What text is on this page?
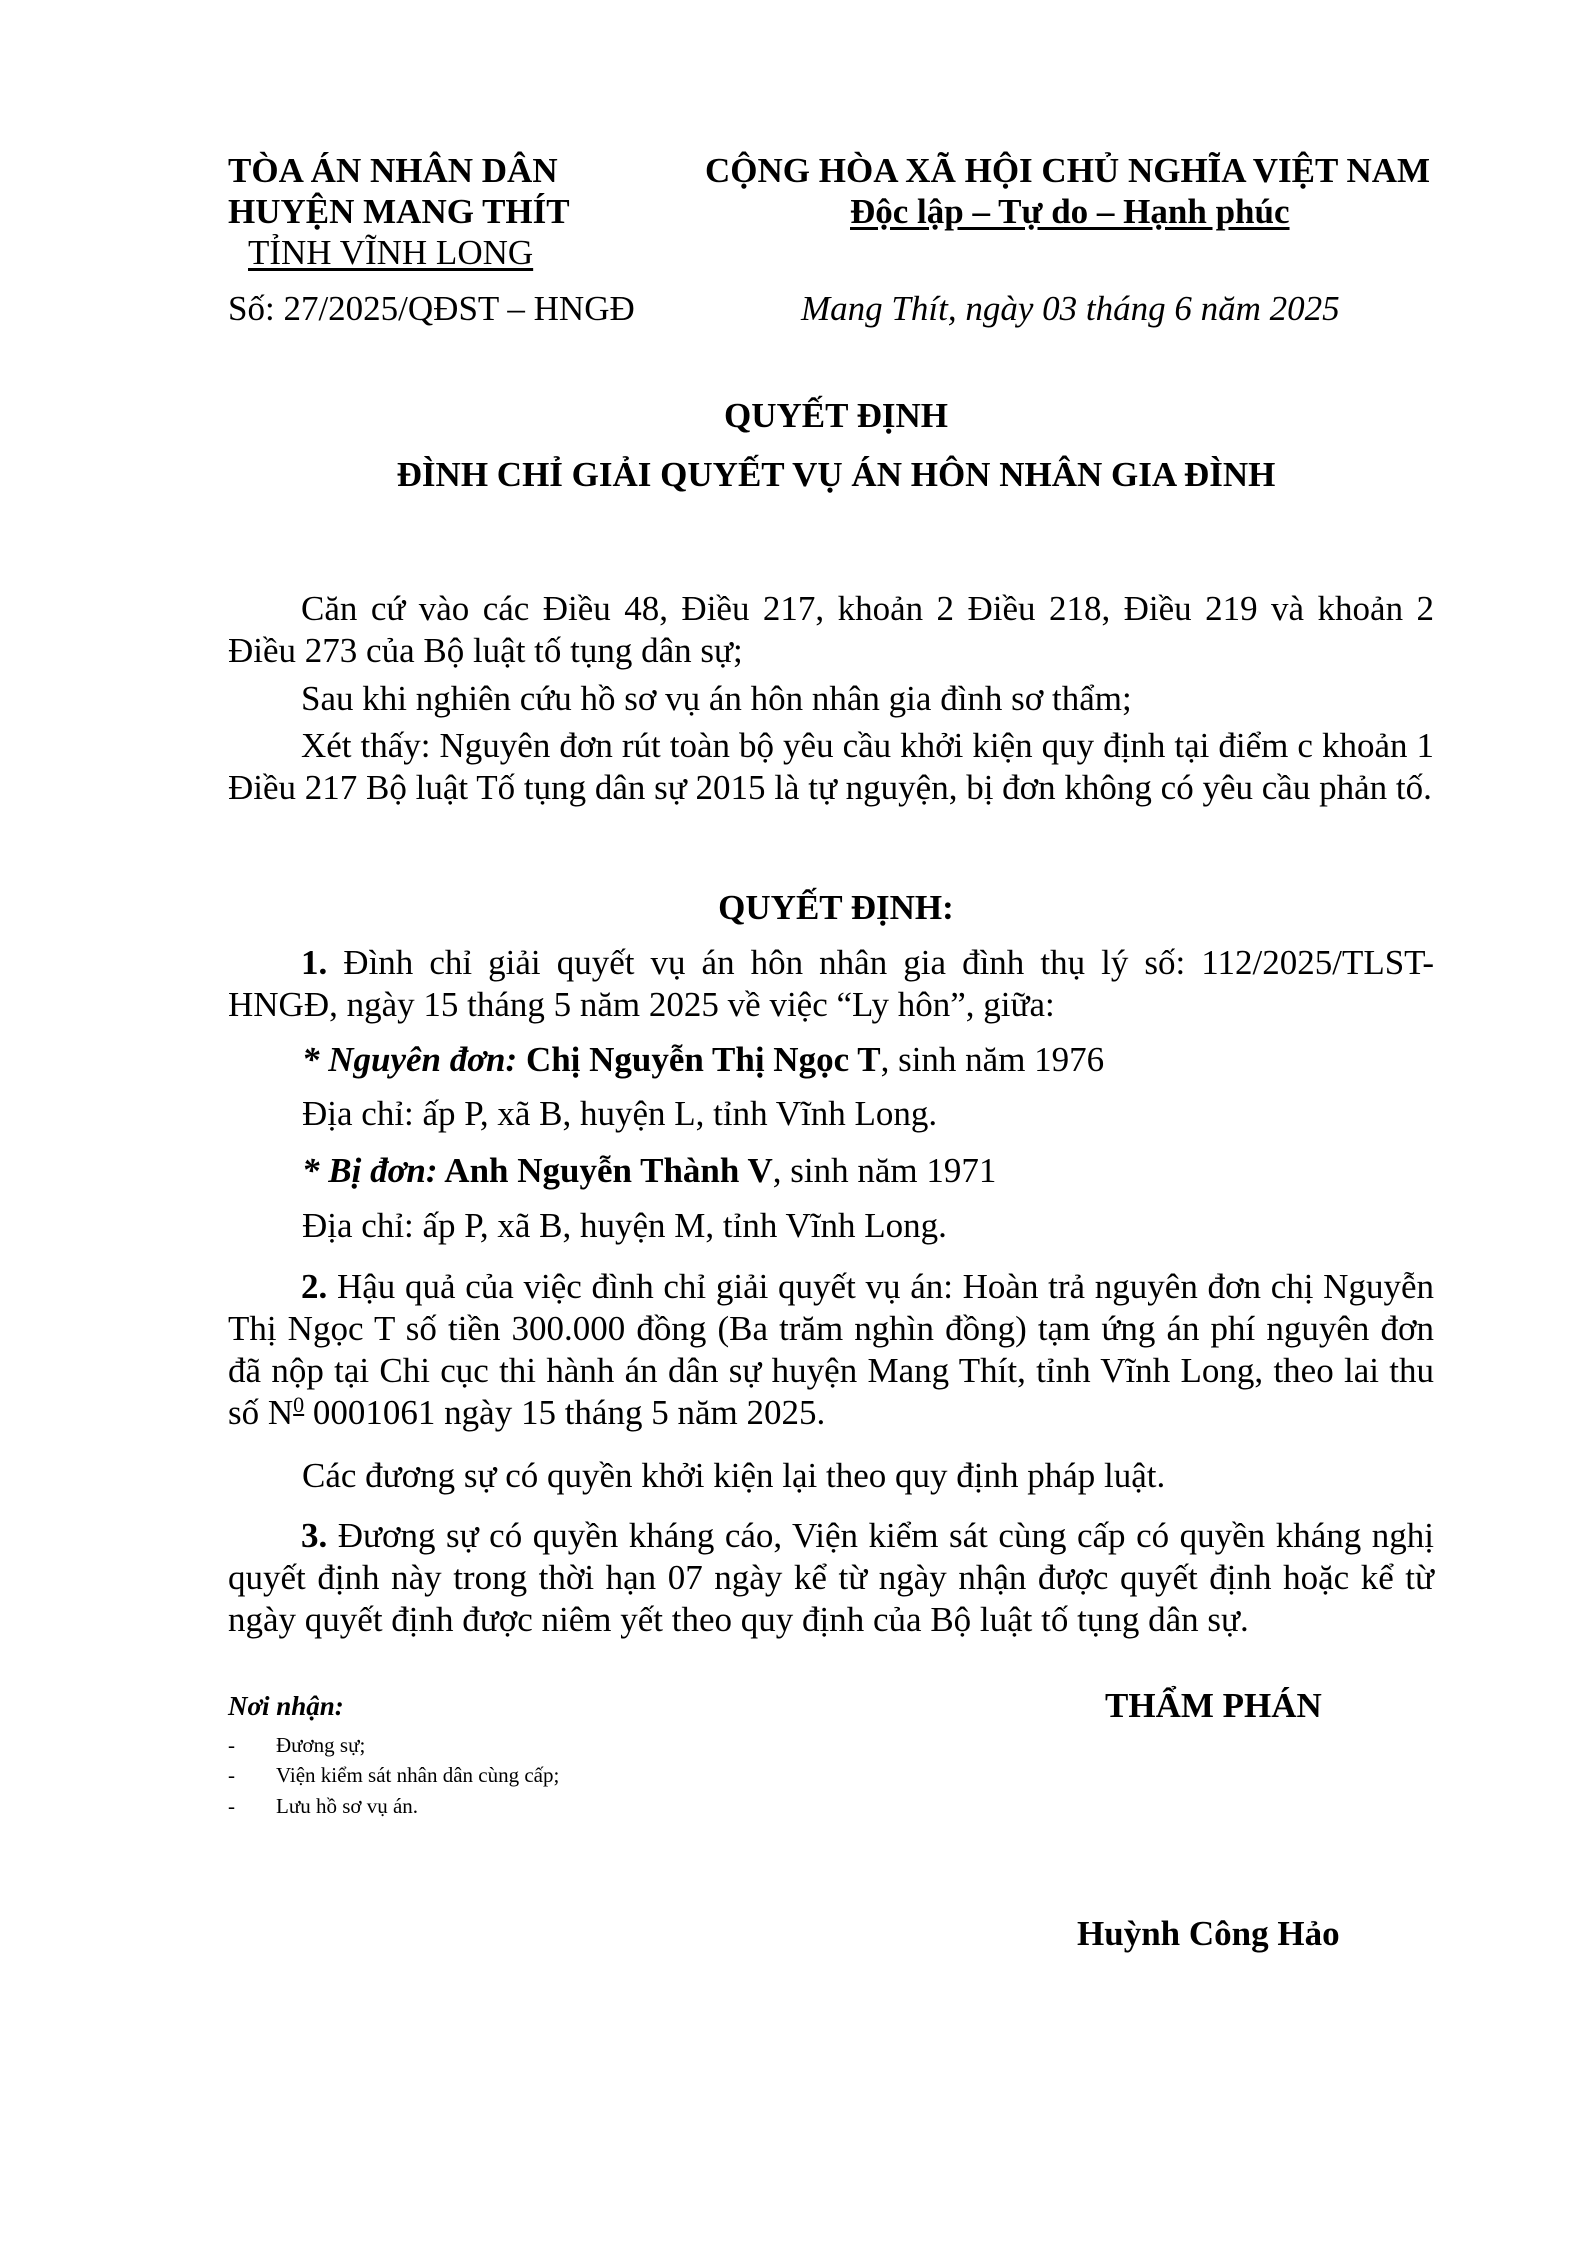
TÒA ÁN NHÂN DÂN
HUYỆN MANG THÍT
TỈNH VĨNH LONG
CỘNG HÒA XÃ HỘI CHỦ NGHĨA VIỆT NAM
Độc lập – Tự do – Hạnh phúc
Số: 27/2025/QĐST – HNGĐ	Mang Thít, ngày 03 tháng 6 năm 2025
QUYẾT ĐỊNH
ĐÌNH CHỈ GIẢI QUYẾT VỤ ÁN HÔN NHÂN GIA ĐÌNH
Căn cứ vào các Điều 48, Điều 217, khoản 2 Điều 218, Điều 219 và khoản 2 Điều 273 của Bộ luật tố tụng dân sự;
Sau khi nghiên cứu hồ sơ vụ án hôn nhân gia đình sơ thẩm;
Xét thấy: Nguyên đơn rút toàn bộ yêu cầu khởi kiện quy định tại điểm c khoản 1 Điều 217 Bộ luật Tố tụng dân sự 2015 là tự nguyện, bị đơn không có yêu cầu phản tố.
QUYẾT ĐỊNH:
1. Đình chỉ giải quyết vụ án hôn nhân gia đình thụ lý số: 112/2025/TLST-HNGĐ, ngày 15 tháng 5 năm 2025 về việc “Ly hôn”, giữa:
* Nguyên đơn: Chị Nguyễn Thị Ngọc T, sinh năm 1976
Địa chỉ: ấp P, xã B, huyện L, tỉnh Vĩnh Long.
* Bị đơn: Anh Nguyễn Thành V, sinh năm 1971
Địa chỉ: ấp P, xã B, huyện M, tỉnh Vĩnh Long.
2. Hậu quả của việc đình chỉ giải quyết vụ án: Hoàn trả nguyên đơn chị Nguyễn Thị Ngọc T số tiền 300.000 đồng (Ba trăm nghìn đồng) tạm ứng án phí nguyên đơn đã nộp tại Chi cục thi hành án dân sự huyện Mang Thít, tỉnh Vĩnh Long, theo lai thu số $N^0$ 0001061 ngày 15 tháng 5 năm 2025.
Các đương sự có quyền khởi kiện lại theo quy định pháp luật.
3. Đương sự có quyền kháng cáo, Viện kiểm sát cùng cấp có quyền kháng nghị quyết định này trong thời hạn 07 ngày kể từ ngày nhận được quyết định hoặc kể từ ngày quyết định được niêm yết theo quy định của Bộ luật tố tụng dân sự.
Nơi nhận:
- Đương sự;
- Viện kiểm sát nhân dân cùng cấp;
- Lưu hồ sơ vụ án.
THẨM PHÁN
Huỳnh Công Hảo
